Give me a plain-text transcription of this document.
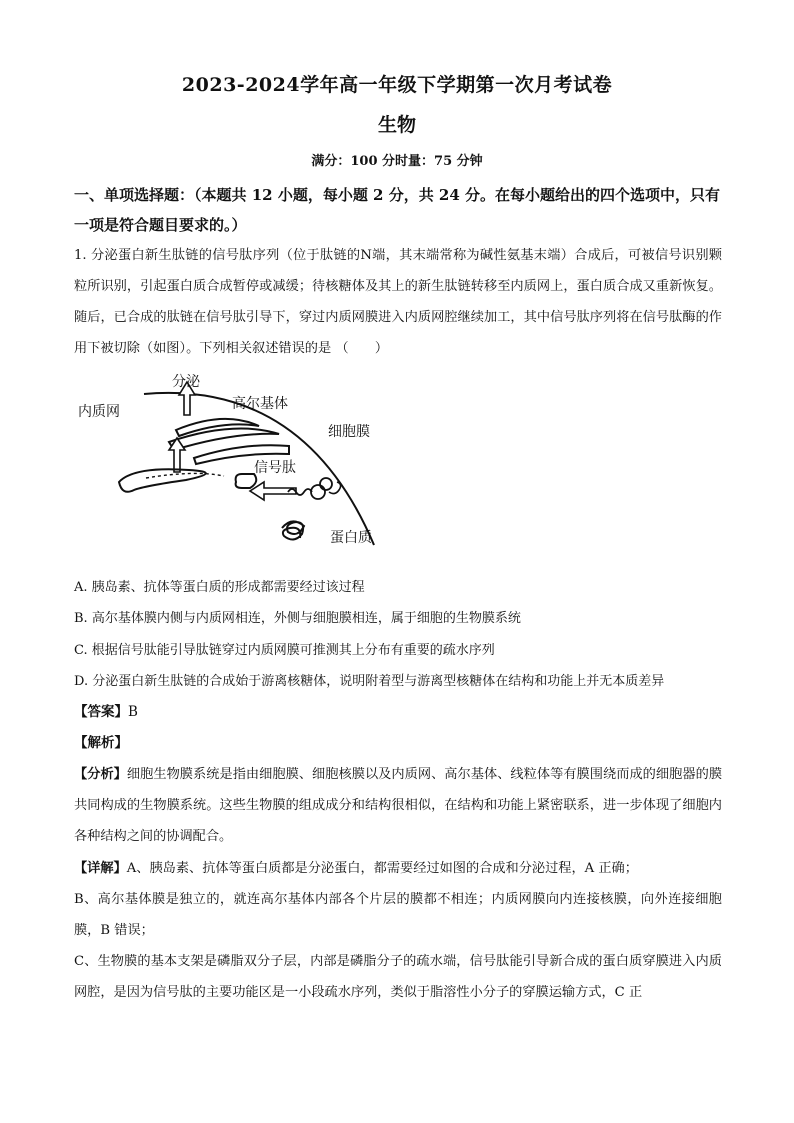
2023-2024学年高一年级下学期第一次月考试卷
生物
满分：100 分时量：75 分钟
一、单项选择题：（本题共 12 小题，每小题 2 分，共 24 分。在每小题给出的四个选项中，只有一项是符合题目要求的。）
1. 分泌蛋白新生肽链的信号肽序列（位于肽链的N端，其末端常称为碱性氨基末端）合成后，可被信号识别颗粒所识别，引起蛋白质合成暂停或减缓；待核糖体及其上的新生肽链转移至内质网上，蛋白质合成又重新恢复。随后，已合成的肽链在信号肽引导下，穿过内质网膜进入内质网腔继续加工，其中信号肽序列将在信号肽酶的作用下被切除（如图）。下列相关叙述错误的是 （　　）
分泌
高尔基体
内质网
细胞膜
信号肽
蛋白质
A. 胰岛素、抗体等蛋白质的形成都需要经过该过程
B. 高尔基体膜内侧与内质网相连，外侧与细胞膜相连，属于细胞的生物膜系统
C. 根据信号肽能引导肽链穿过内质网膜可推测其上分布有重要的疏水序列
D. 分泌蛋白新生肽链的合成始于游离核糖体，说明附着型与游离型核糖体在结构和功能上并无本质差异
【答案】B
【解析】
【分析】细胞生物膜系统是指由细胞膜、细胞核膜以及内质网、高尔基体、线粒体等有膜围绕而成的细胞器的膜共同构成的生物膜系统。这些生物膜的组成成分和结构很相似，在结构和功能上紧密联系，进一步体现了细胞内各种结构之间的协调配合。
【详解】A、胰岛素、抗体等蛋白质都是分泌蛋白，都需要经过如图的合成和分泌过程，A 正确；
B、高尔基体膜是独立的，就连高尔基体内部各个片层的膜都不相连；内质网膜向内连接核膜，向外连接细胞膜，B 错误；
C、生物膜的基本支架是磷脂双分子层，内部是磷脂分子的疏水端，信号肽能引导新合成的蛋白质穿膜进入内质网腔，是因为信号肽的主要功能区是一小段疏水序列，类似于脂溶性小分子的穿膜运输方式，C 正
